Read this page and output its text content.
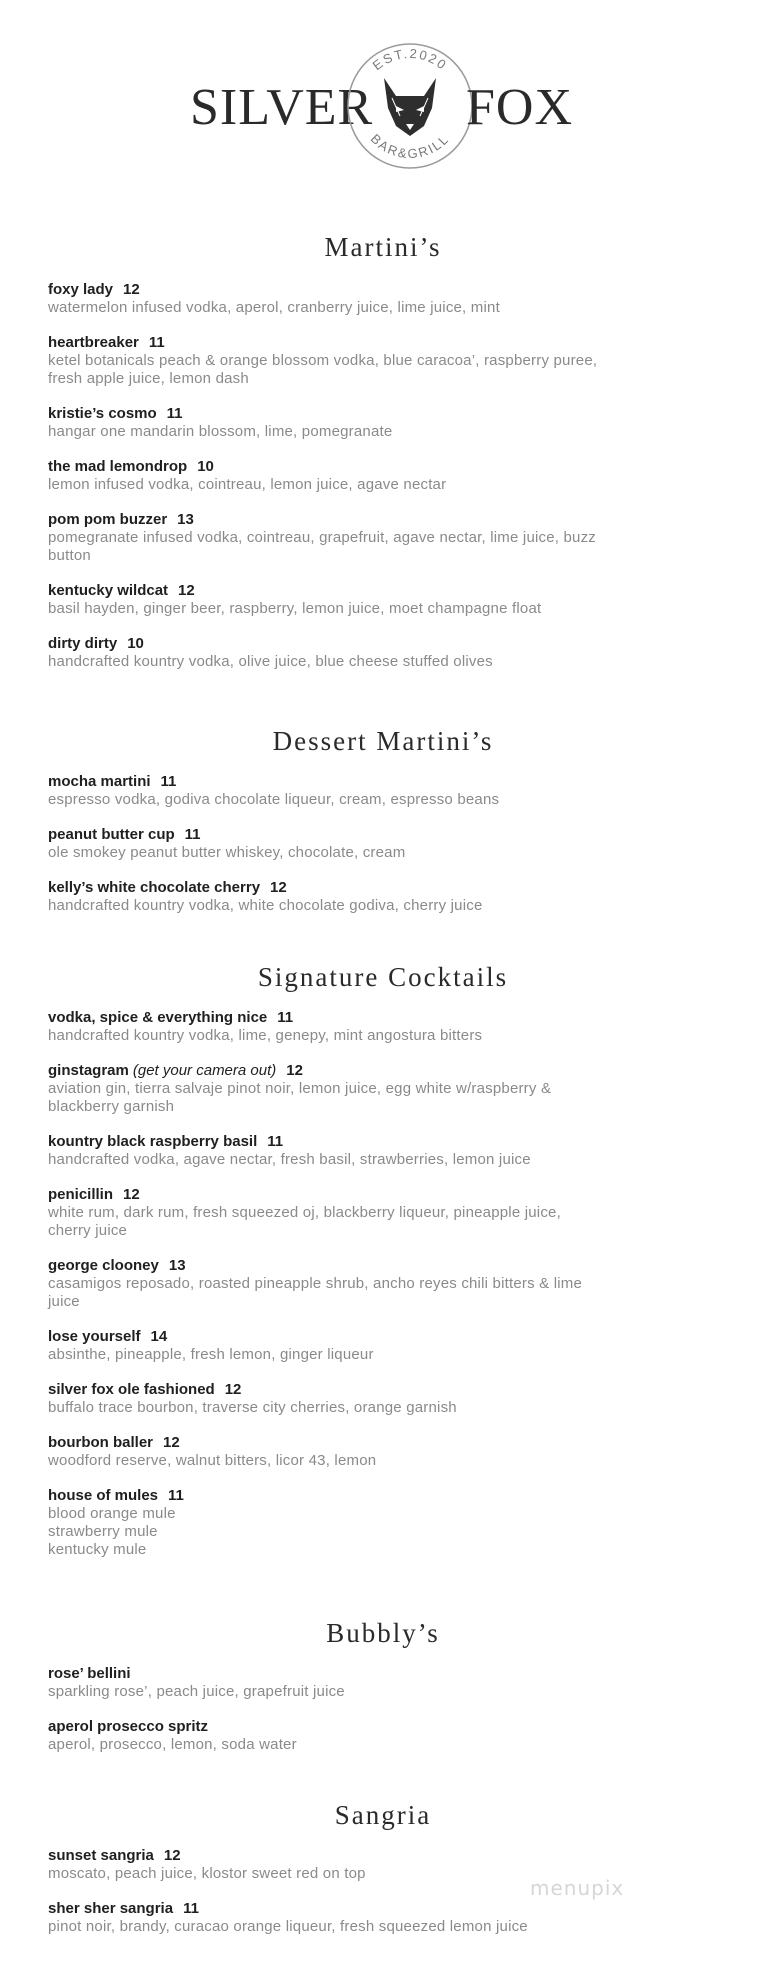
SILVER
EST.2020
BAR&GRILL
FOX
Martini’s
foxy lady 12
watermelon infused vodka, aperol, cranberry juice, lime juice, mint
heartbreaker 11
ketel botanicals peach & orange blossom vodka, blue caracoa’, raspberry puree,
fresh apple juice, lemon dash
kristie’s cosmo 11
hangar one mandarin blossom, lime, pomegranate
the mad lemondrop 10
lemon infused vodka, cointreau, lemon juice, agave nectar
pom pom buzzer 13
pomegranate infused vodka, cointreau, grapefruit, agave nectar, lime juice, buzz
button
kentucky wildcat 12
basil hayden, ginger beer, raspberry, lemon juice, moet champagne float
dirty dirty 10
handcrafted kountry vodka, olive juice, blue cheese stuffed olives
Dessert Martini’s
mocha martini 11
espresso vodka, godiva chocolate liqueur, cream, espresso beans
peanut butter cup 11
ole smokey peanut butter whiskey, chocolate, cream
kelly’s white chocolate cherry 12
handcrafted kountry vodka, white chocolate godiva, cherry juice
Signature Cocktails
vodka, spice & everything nice 11
handcrafted kountry vodka, lime, genepy, mint angostura bitters
ginstagram (get your camera out) 12
aviation gin, tierra salvaje pinot noir, lemon juice, egg white w/raspberry &
blackberry garnish
kountry black raspberry basil 11
handcrafted vodka, agave nectar, fresh basil, strawberries, lemon juice
penicillin 12
white rum, dark rum, fresh squeezed oj, blackberry liqueur, pineapple juice,
cherry juice
george clooney 13
casamigos reposado, roasted pineapple shrub, ancho reyes chili bitters & lime
juice
lose yourself 14
absinthe, pineapple, fresh lemon, ginger liqueur
silver fox ole fashioned 12
buffalo trace bourbon, traverse city cherries, orange garnish
bourbon baller 12
woodford reserve, walnut bitters, licor 43, lemon
house of mules 11
blood orange mule
strawberry mule
kentucky mule
Bubbly’s
rose’ bellini
sparkling rose’, peach juice, grapefruit juice
aperol prosecco spritz
aperol, prosecco, lemon, soda water
Sangria
sunset sangria 12
moscato, peach juice, klostor sweet red on top
sher sher sangria 11
pinot noir, brandy, curacao orange liqueur, fresh squeezed lemon juice
menupix
